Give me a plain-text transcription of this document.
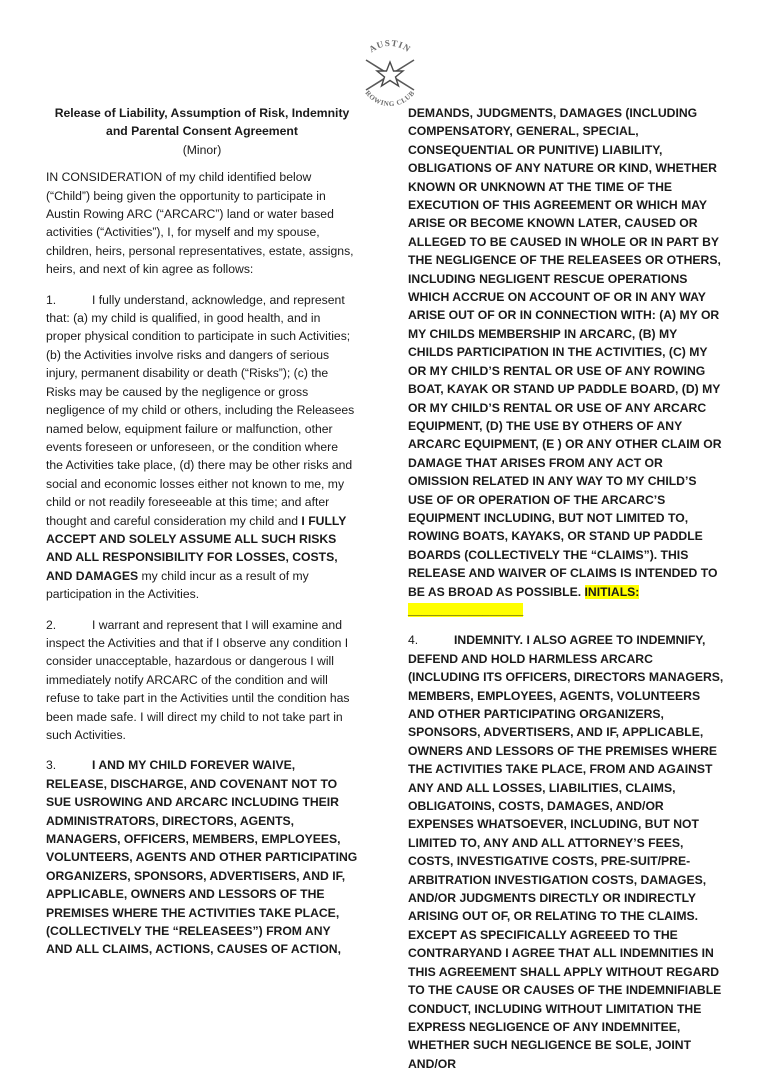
AUSTIN
ROWING CLUB
Release of Liability, Assumption of Risk, Indemnity and Parental Consent Agreement
(Minor)

IN CONSIDERATION of my child identified below (“Child”) being given the opportunity to participate in Austin Rowing ARC (“ARCARC”) land or water based activities (“Activities”), I, for myself and my spouse, children, heirs, personal representatives, estate, assigns, heirs, and next of kin agree as follows:

1.	I fully understand, acknowledge, and represent that: (a) my child is qualified, in good health, and in proper physical condition to participate in such Activities; (b) the Activities involve risks and dangers of serious injury, permanent disability or death (“Risks”); (c) the Risks may be caused by the negligence or gross negligence of my child or others, including the Releasees named below, equipment failure or malfunction, other events foreseen or unforeseen, or the condition where the Activities take place, (d) there may be other risks and social and economic losses either not known to me, my child or not readily foreseeable at this time; and after thought and careful consideration my child and I FULLY ACCEPT AND SOLELY ASSUME ALL SUCH RISKS AND ALL RESPONSIBILITY FOR LOSSES, COSTS, AND DAMAGES my child incur as a result of my participation in the Activities.

2.	I warrant and represent that I will examine and inspect the Activities and that if I observe any condition I consider unacceptable, hazardous or dangerous I will immediately notify ARCARC of the condition and will refuse to take part in the Activities until the condition has been made safe. I will direct my child to not take part in such Activities.

3.	I AND MY CHILD FOREVER WAIVE, RELEASE, DISCHARGE, AND COVENANT NOT TO SUE USROWING AND ARCARC INCLUDING THEIR ADMINISTRATORS, DIRECTORS, AGENTS, MANAGERS, OFFICERS, MEMBERS, EMPLOYEES, VOLUNTEERS, AGENTS AND OTHER PARTICIPATING ORGANIZERS, SPONSORS, ADVERTISERS, AND IF, APPLICABLE, OWNERS AND LESSORS OF THE PREMISES WHERE THE ACTIVITIES TAKE PLACE, (COLLECTIVELY THE “RELEASEES”) FROM ANY AND ALL CLAIMS, ACTIONS, CAUSES OF ACTION,

DEMANDS, JUDGMENTS, DAMAGES (INCLUDING COMPENSATORY, GENERAL, SPECIAL, CONSEQUENTIAL OR PUNITIVE) LIABILITY, OBLIGATIONS OF ANY NATURE OR KIND, WHETHER KNOWN OR UNKNOWN AT THE TIME OF THE EXECUTION OF THIS AGREEMENT OR WHICH MAY ARISE OR BECOME KNOWN LATER, CAUSED OR ALLEGED TO BE CAUSED IN WHOLE OR IN PART BY THE NEGLIGENCE OF THE RELEASEES OR OTHERS, INCLUDING NEGLIGENT RESCUE OPERATIONS WHICH ACCRUE ON ACCOUNT OF OR IN ANY WAY ARISE OUT OF OR IN CONNECTION WITH: (A) MY OR MY CHILDS MEMBERSHIP IN ARCARC, (B) MY CHILDS PARTICIPATION IN THE ACTIVITIES, (C) MY OR MY CHILD’S RENTAL OR USE OF ANY ROWING BOAT, KAYAK OR STAND UP PADDLE BOARD, (D) MY OR MY CHILD’S RENTAL OR USE OF ANY ARCARC EQUIPMENT, (D) THE USE BY OTHERS OF ANY ARCARC EQUIPMENT, (E ) OR ANY OTHER CLAIM OR DAMAGE THAT ARISES FROM ANY ACT OR OMISSION RELATED IN ANY WAY TO MY CHILD’S USE OF OR OPERATION OF THE ARCARC’S EQUIPMENT INCLUDING, BUT NOT LIMITED TO, ROWING BOATS, KAYAKS, OR STAND UP PADDLE BOARDS (COLLECTIVELY THE “CLAIMS”). THIS RELEASE AND WAIVER OF CLAIMS IS INTENDED TO BE AS BROAD AS POSSIBLE. INITIALS: _________________

4.	INDEMNITY. I ALSO AGREE TO INDEMNIFY, DEFEND AND HOLD HARMLESS ARCARC (INCLUDING ITS OFFICERS, DIRECTORS MANAGERS, MEMBERS, EMPLOYEES, AGENTS, VOLUNTEERS AND OTHER PARTICIPATING ORGANIZERS, SPONSORS, ADVERTISERS, AND IF, APPLICABLE, OWNERS AND LESSORS OF THE PREMISES WHERE THE ACTIVITIES TAKE PLACE, FROM AND AGAINST ANY AND ALL LOSSES, LIABILITIES, CLAIMS, OBLIGATOINS, COSTS, DAMAGES, AND/OR EXPENSES WHATSOEVER, INCLUDING, BUT NOT LIMITED TO, ANY AND ALL ATTORNEY’S FEES, COSTS, INVESTIGATIVE COSTS, PRE-SUIT/PRE-ARBITRATION INVESTIGATION COSTS, DAMAGES, AND/OR JUDGMENTS DIRECTLY OR INDIRECTLY ARISING OUT OF, OR RELATING TO THE CLAIMS. EXCEPT AS SPECIFICALLY AGREEED TO THE CONTRARYAND I AGREE THAT ALL INDEMNITIES IN THIS AGREEMENT SHALL APPLY WITHOUT REGARD TO THE CAUSE OR CAUSES OF THE INDEMNIFIABLE CONDUCT, INCLUDING WITHOUT LIMITATION THE EXPRESS NEGLIGENCE OF ANY INDEMNITEE, WHETHER SUCH NEGLIGENCE BE SOLE, JOINT AND/OR
